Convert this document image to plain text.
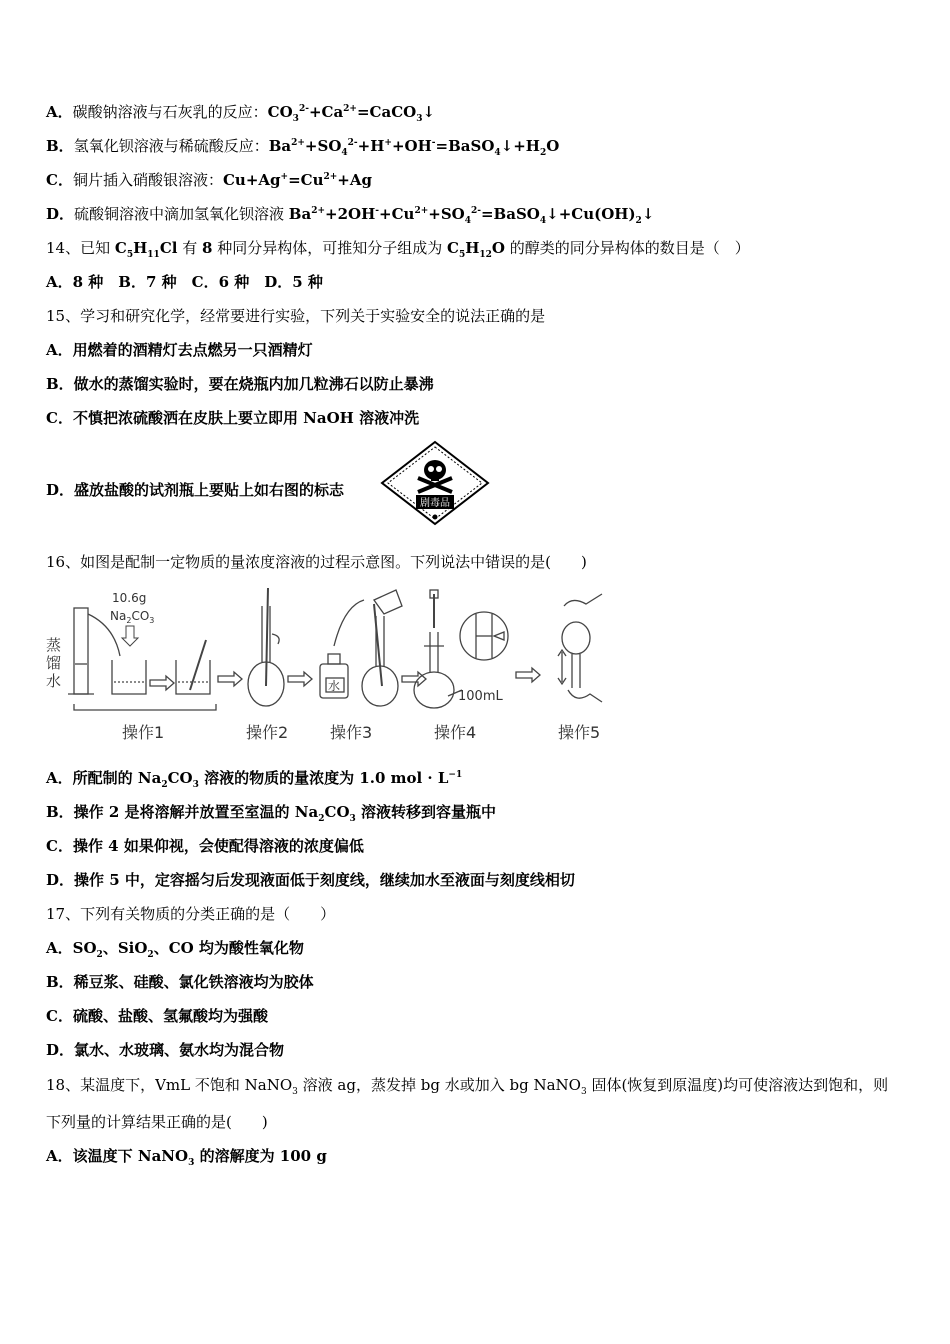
A．碳酸钠溶液与石灰乳的反应：$CO_3^{2-}+Ca^{2+}=CaCO_3↓$
B．氢氧化钡溶液与稀硫酸反应：$Ba^{2+}+SO_4^{2-}+H^++OH^-=BaSO_4↓+H_2O$
C．铜片插入硝酸银溶液：$Cu+Ag^+=Cu^{2+}+Ag$
D．硫酸铜溶液中滴加氢氧化钡溶液 $Ba^{2+}+2OH^-+Cu^{2+}+SO_4^{2-}=BaSO_4↓+Cu(OH)_2↓$
14、已知 $C_5H_{11}Cl$ 有 8 种同分异构体，可推知分子组成为 $C_5H_{12}O$ 的醇类的同分异构体的数目是（　）
A．8 种　B．7 种　C．6 种　D．5 种
15、学习和研究化学，经常要进行实验，下列关于实验安全的说法正确的是
A．用燃着的酒精灯去点燃另一只酒精灯
B．做水的蒸馏实验时，要在烧瓶内加几粒沸石以防止暴沸
C．不慎把浓硫酸洒在皮肤上要立即用 NaOH 溶液冲洗
D．盛放盐酸的试剂瓶上要贴上如右图的标志
剧毒品
16、如图是配制一定物质的量浓度溶液的过程示意图。下列说法中错误的是(　　)
10.6g
$Na_2CO_3$
蒸
馏
水	水
100mL
操作1	操作2	操作3	操作4	操作5
A．所配制的 $Na_2CO_3$ 溶液的物质的量浓度为 1.0 mol · $L^{-1}$
B．操作 2 是将溶解并放置至室温的 $Na_2CO_3$ 溶液转移到容量瓶中
C．操作 4 如果仰视，会使配得溶液的浓度偏低
D．操作 5 中，定容摇匀后发现液面低于刻度线，继续加水至液面与刻度线相切
17、下列有关物质的分类正确的是（　　）
A．$SO_2$、SiO$_2$、CO 均为酸性氧化物
B．稀豆浆、硅酸、氯化铁溶液均为胶体
C．硫酸、盐酸、氢氟酸均为强酸
D．氯水、水玻璃、氨水均为混合物
18、某温度下，VmL 不饱和 NaNO$_3$ 溶液 ag，蒸发掉 bg 水或加入 bg NaNO$_3$ 固体(恢复到原温度)均可使溶液达到饱和，则
下列量的计算结果正确的是(　　)
A．该温度下 NaNO$_3$ 的溶解度为 100 g
